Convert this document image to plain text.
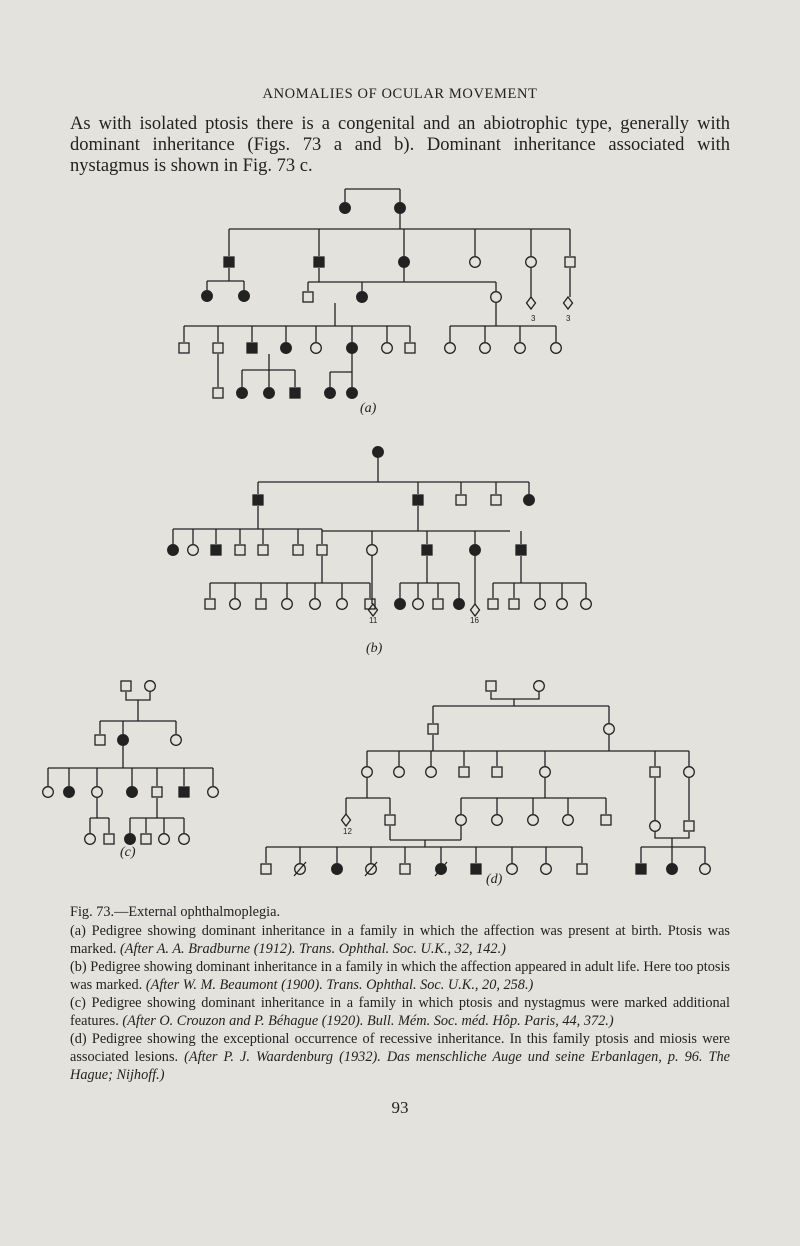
ANOMALIES OF OCULAR MOVEMENT

As with isolated ptosis there is a congenital and an abiotrophic type, generally with dominant inheritance (Figs. 73 a and b). Dominant inheritance associated with nystagmus is shown in Fig. 73 c.

(a)
(b)
(c)
(d)
3	3
11	16
12

Fig. 73.—External ophthalmoplegia.

(a) Pedigree showing dominant inheritance in a family in which the affection was present at birth. Ptosis was marked. (After A. A. Bradburne (1912). Trans. Ophthal. Soc. U.K., 32, 142.)

(b) Pedigree showing dominant inheritance in a family in which the affection appeared in adult life. Here too ptosis was marked. (After W. M. Beaumont (1900). Trans. Ophthal. Soc. U.K., 20, 258.)

(c) Pedigree showing dominant inheritance in a family in which ptosis and nystagmus were marked additional features. (After O. Crouzon and P. Béhague (1920). Bull. Mém. Soc. méd. Hôp. Paris, 44, 372.)

(d) Pedigree showing the exceptional occurrence of recessive inheritance. In this family ptosis and miosis were associated lesions. (After P. J. Waardenburg (1932). Das menschliche Auge und seine Erbanlagen, p. 96. The Hague; Nijhoff.)

93
